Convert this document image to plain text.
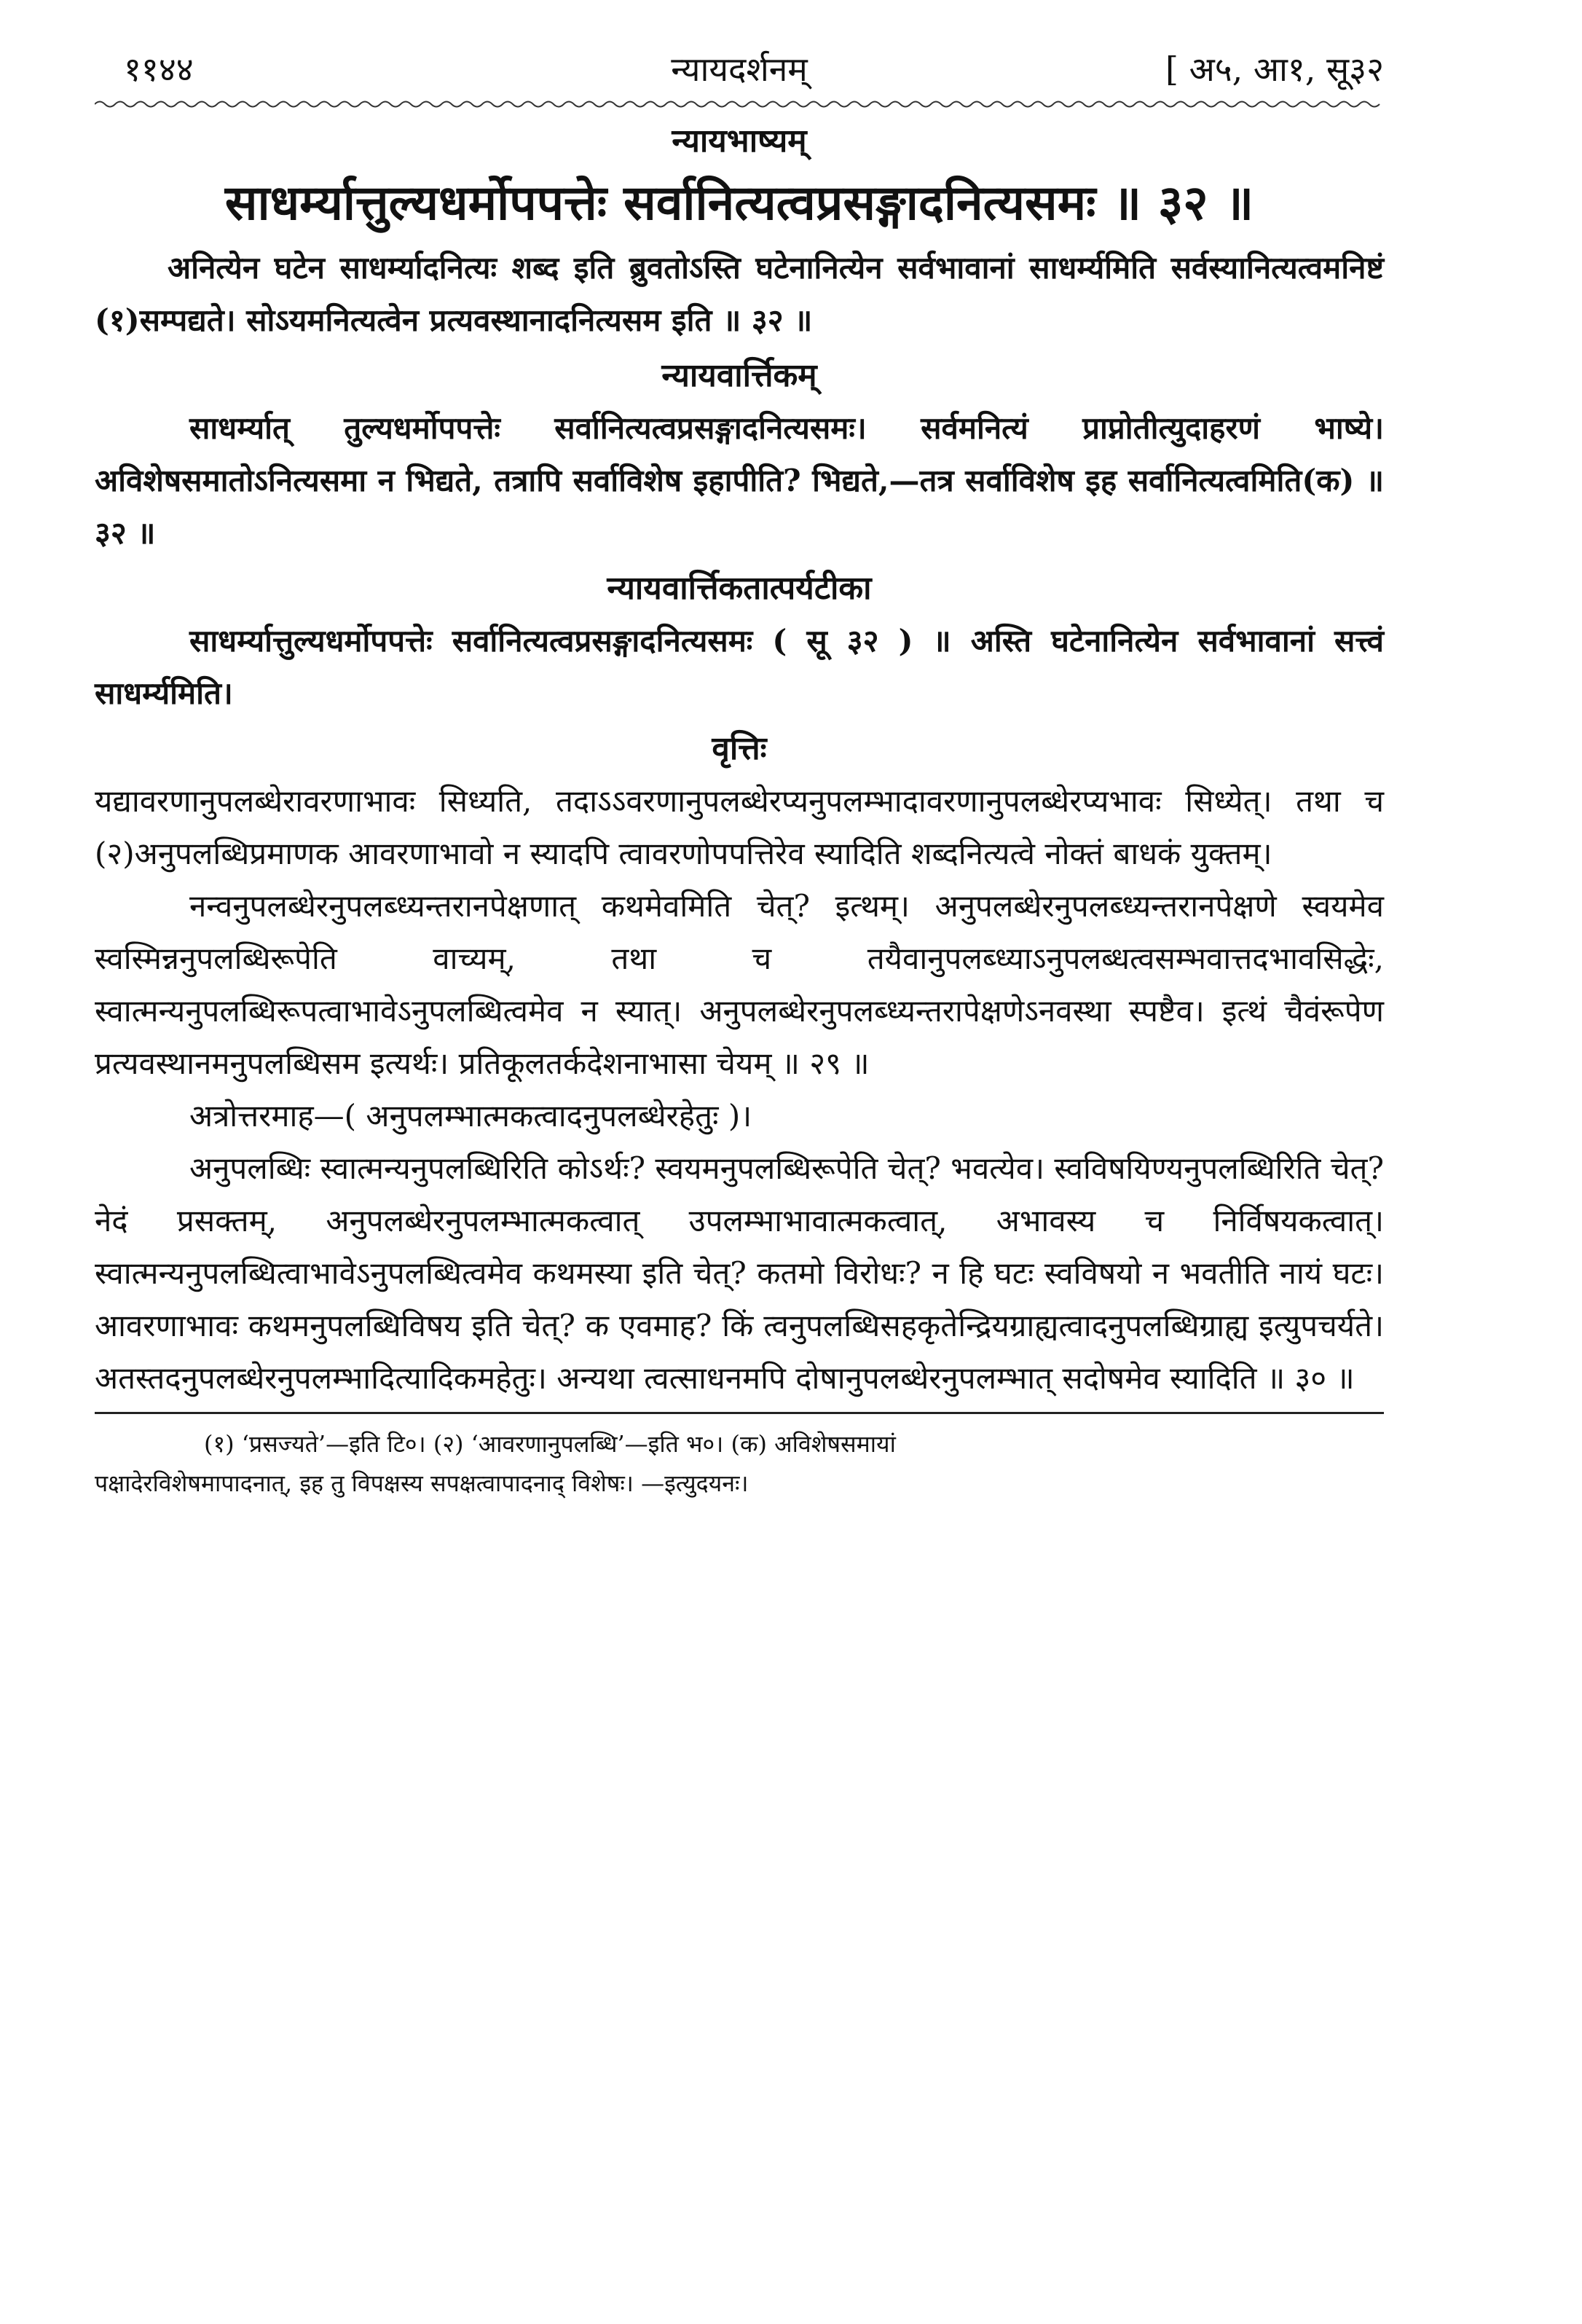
११४४	न्यायदर्शनम्	[ अ५, आ१, सू३२
न्यायभाष्यम्
साधर्म्यात्तुल्यधर्मोपपत्तेः सर्वानित्यत्वप्रसङ्गादनित्यसमः ॥ ३२ ॥

अनित्येन घटेन साधर्म्यादनित्यः शब्द इति ब्रुवतोऽस्ति घटेनानित्येन सर्वभावानां साधर्म्यमिति सर्वस्यानित्यत्वमनिष्टं (१)सम्पद्यते। सोऽयमनित्यत्वेन प्रत्यवस्थानादनित्यसम इति ॥ ३२ ॥

न्यायवार्त्तिकम्

साधर्म्यात् तुल्यधर्मोपपत्तेः सर्वानित्यत्वप्रसङ्गादनित्यसमः। सर्वमनित्यं प्राप्नोतीत्युदाहरणं भाष्ये। अविशेषसमातोऽनित्यसमा न भिद्यते, तत्रापि सर्वाविशेष इहापीति? भिद्यते,—तत्र सर्वाविशेष इह सर्वानित्यत्वमिति(क) ॥ ३२ ॥

न्यायवार्त्तिकतात्पर्यटीका

साधर्म्यात्तुल्यधर्मोपपत्तेः सर्वानित्यत्वप्रसङ्गादनित्यसमः ( सू ३२ ) ॥ अस्ति घटेनानित्येन सर्वभावानां सत्त्वं साधर्म्यमिति।

वृत्तिः

यद्यावरणानुपलब्धेरावरणाभावः सिध्यति, तदाऽऽवरणानुपलब्धेरप्यनुपलम्भादावरणानुपलब्धेरप्यभावः सिध्येत्। तथा च (२)अनुपलब्धिप्रमाणक आवरणाभावो न स्यादपि त्वावरणोपपत्तिरेव स्यादिति शब्दनित्यत्वे नोक्तं बाधकं युक्तम्।

नन्वनुपलब्धेरनुपलब्ध्यन्तरानपेक्षणात् कथमेवमिति चेत्? इत्थम्। अनुपलब्धेरनुपलब्ध्यन्तरानपेक्षणे स्वयमेव स्वस्मिन्ननुपलब्धिरूपेति वाच्यम्, तथा च तयैवानुपलब्ध्याऽनुपलब्धत्वसम्भवात्तदभावसिद्धेः, स्वात्मन्यनुपलब्धिरूपत्वाभावेऽनुपलब्धित्वमेव न स्यात्। अनुपलब्धेरनुपलब्ध्यन्तरापेक्षणेऽनवस्था स्पष्टैव। इत्थं चैवंरूपेण प्रत्यवस्थानमनुपलब्धिसम इत्यर्थः। प्रतिकूलतर्कदेशनाभासा चेयम् ॥ २९ ॥

अत्रोत्तरमाह—( अनुपलम्भात्मकत्वादनुपलब्धेरहेतुः )।

अनुपलब्धिः स्वात्मन्यनुपलब्धिरिति कोऽर्थः? स्वयमनुपलब्धिरूपेति चेत्? भवत्येव। स्वविषयिण्यनुपलब्धिरिति चेत्? नेदं प्रसक्तम्, अनुपलब्धेरनुपलम्भात्मकत्वात् उपलम्भाभावात्मकत्वात्, अभावस्य च निर्विषयकत्वात्। स्वात्मन्यनुपलब्धित्वाभावेऽनुपलब्धित्वमेव कथमस्या इति चेत्? कतमो विरोधः? न हि घटः स्वविषयो न भवतीति नायं घटः। आवरणाभावः कथमनुपलब्धिविषय इति चेत्? क एवमाह? किं त्वनुपलब्धिसहकृतेन्द्रियग्राह्यत्वादनुपलब्धिग्राह्य इत्युपचर्यते। अतस्तदनुपलब्धेरनुपलम्भादित्यादिकमहेतुः। अन्यथा त्वत्साधनमपि दोषानुपलब्धेरनुपलम्भात् सदोषमेव स्यादिति ॥ ३० ॥

(१) ‘प्रसज्यते’—इति टि०। (२) ‘आवरणानुपलब्धि’—इति भ०। (क) अविशेषसमायां

पक्षादेरविशेषमापादनात्, इह तु विपक्षस्य सपक्षत्वापादनाद् विशेषः। —इत्युदयनः।
